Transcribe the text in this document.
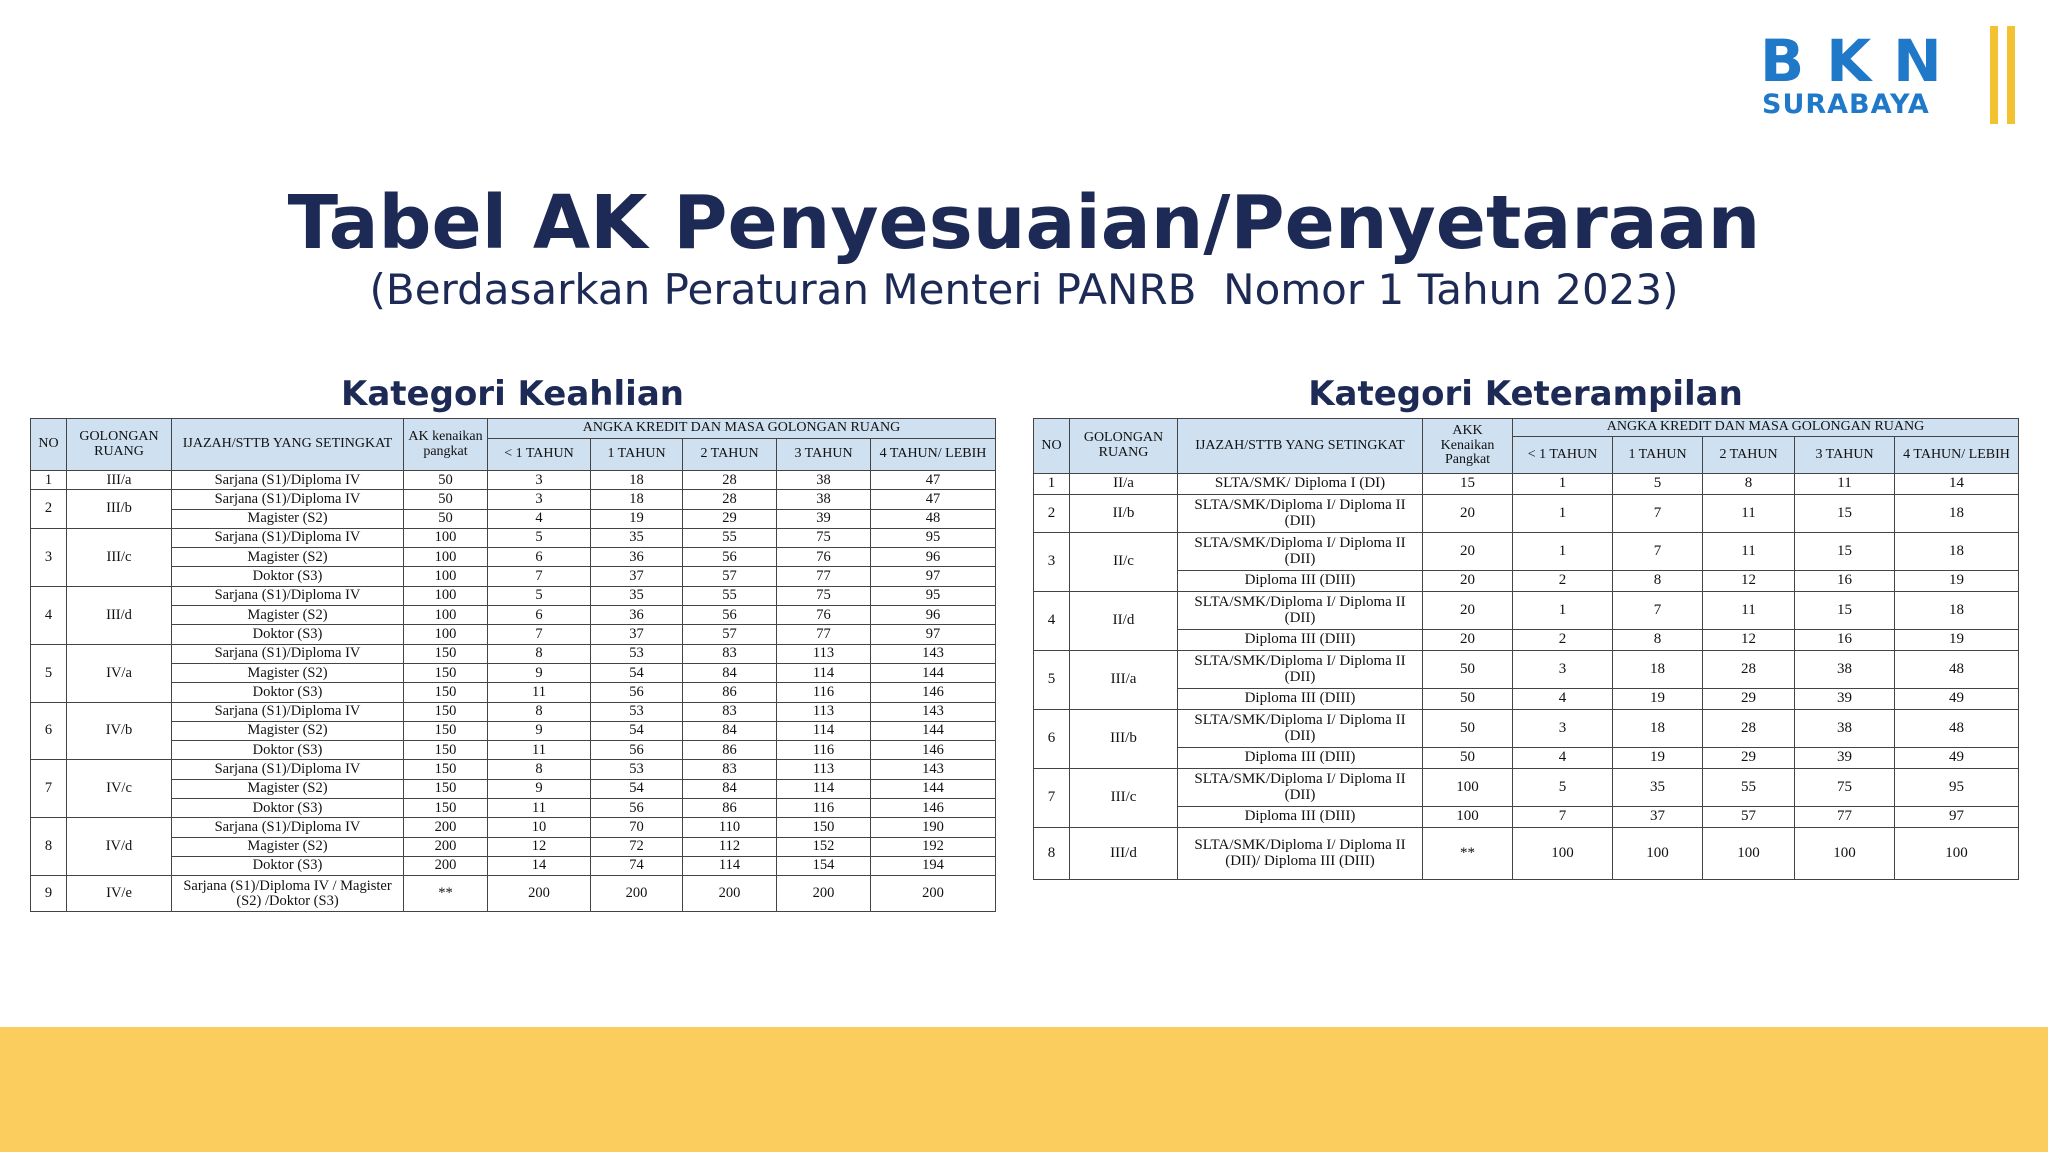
BKN
SURABAYA
Tabel AK Penyesuaian/Penyetaraan
(Berdasarkan Peraturan Menteri PANRB  Nomor 1 Tahun 2023)
Kategori Keahlian	Kategori Keterampilan
NO	GOLONGAN RUANG	IJAZAH/STTB YANG SETINGKAT	AK kenaikan pangkat	ANGKA KREDIT DAN MASA GOLONGAN RUANG				
				< 1 TAHUN	1 TAHUN	2 TAHUN	3 TAHUN	4 TAHUN/ LEBIH
1	III/a	Sarjana (S1)/Diploma IV	50	3	18	28	38	47
2	III/b	Sarjana (S1)/Diploma IV	50	3	18	28	38	47
		Magister (S2)	50	4	19	29	39	48
3	III/c	Sarjana (S1)/Diploma IV	100	5	35	55	75	95
		Magister (S2)	100	6	36	56	76	96
		Doktor (S3)	100	7	37	57	77	97
4	III/d	Sarjana (S1)/Diploma IV	100	5	35	55	75	95
		Magister (S2)	100	6	36	56	76	96
		Doktor (S3)	100	7	37	57	77	97
5	IV/a	Sarjana (S1)/Diploma IV	150	8	53	83	113	143
		Magister (S2)	150	9	54	84	114	144
		Doktor (S3)	150	11	56	86	116	146
6	IV/b	Sarjana (S1)/Diploma IV	150	8	53	83	113	143
		Magister (S2)	150	9	54	84	114	144
		Doktor (S3)	150	11	56	86	116	146
7	IV/c	Sarjana (S1)/Diploma IV	150	8	53	83	113	143
		Magister (S2)	150	9	54	84	114	144
		Doktor (S3)	150	11	56	86	116	146
8	IV/d	Sarjana (S1)/Diploma IV	200	10	70	110	150	190
		Magister (S2)	200	12	72	112	152	192
		Doktor (S3)	200	14	74	114	154	194
9	IV/e	Sarjana (S1)/Diploma IV / Magister (S2) /Doktor (S3)	**	200	200	200	200	200
NO	GOLONGAN RUANG	IJAZAH/STTB YANG SETINGKAT	AKK Kenaikan Pangkat	ANGKA KREDIT DAN MASA GOLONGAN RUANG				
				< 1 TAHUN	1 TAHUN	2 TAHUN	3 TAHUN	4 TAHUN/ LEBIH
1	II/a	SLTA/SMK/ Diploma I (DI)	15	1	5	8	11	14
2	II/b	SLTA/SMK/Diploma I/ Diploma II (DII)	20	1	7	11	15	18
3	II/c	SLTA/SMK/Diploma I/ Diploma II (DII)	20	1	7	11	15	18
		Diploma III (DIII)	20	2	8	12	16	19
4	II/d	SLTA/SMK/Diploma I/ Diploma II (DII)	20	1	7	11	15	18
		Diploma III (DIII)	20	2	8	12	16	19
5	III/a	SLTA/SMK/Diploma I/ Diploma II (DII)	50	3	18	28	38	48
		Diploma III (DIII)	50	4	19	29	39	49
6	III/b	SLTA/SMK/Diploma I/ Diploma II (DII)	50	3	18	28	38	48
		Diploma III (DIII)	50	4	19	29	39	49
7	III/c	SLTA/SMK/Diploma I/ Diploma II (DII)	100	5	35	55	75	95
		Diploma III (DIII)	100	7	37	57	77	97
8	III/d	SLTA/SMK/Diploma I/ Diploma II (DII)/ Diploma III (DIII)	**	100	100	100	100	100
